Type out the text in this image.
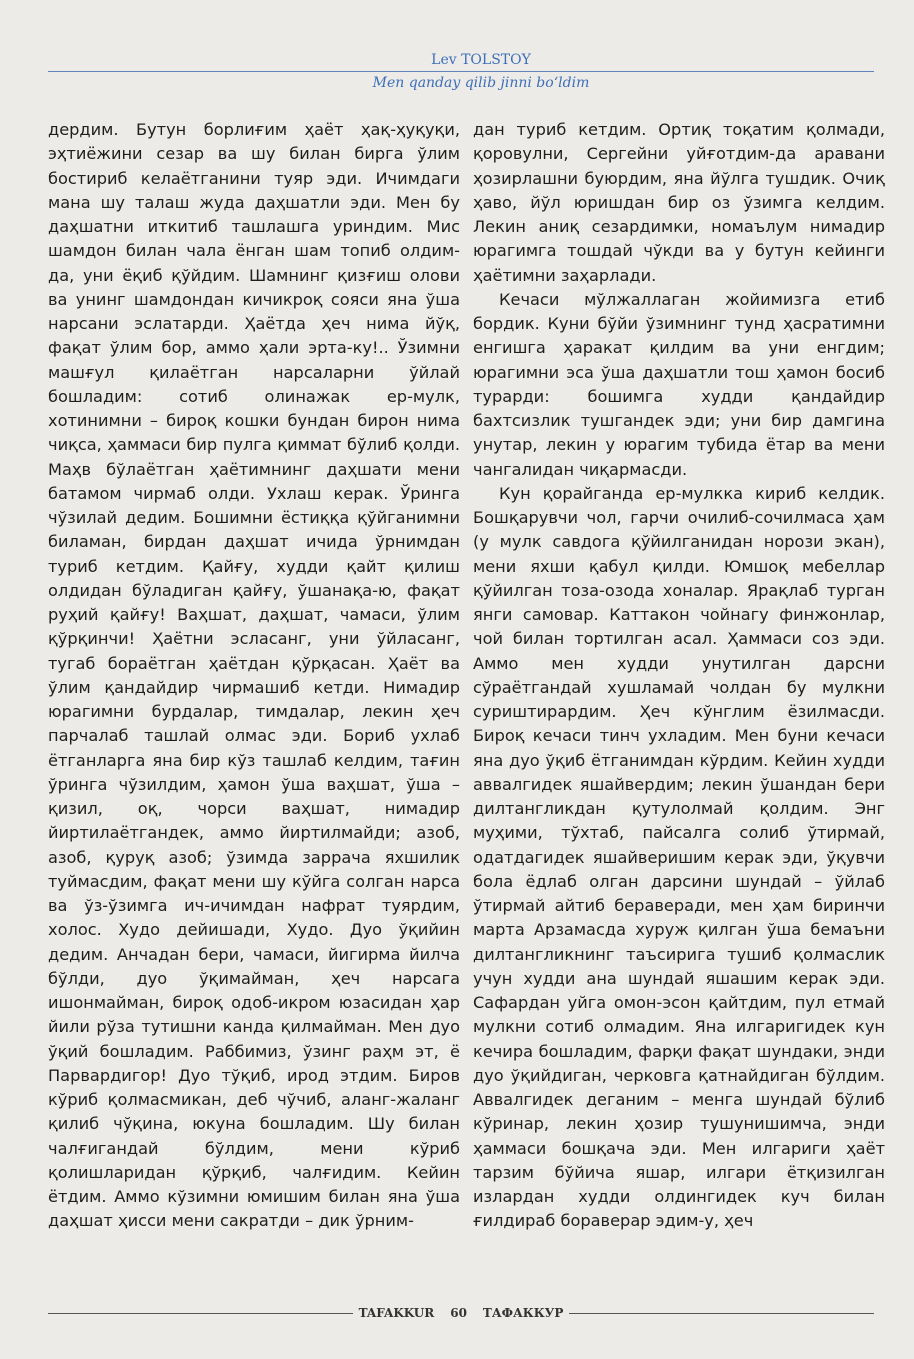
Lev TOLSTOY
Men qanday qilib jinni bo‘ldim

дердим. Бутун борлиғим ҳаёт ҳақ-ҳуқуқи, эҳтиёжини сезар ва шу билан бирга ўлим бостириб келаётганини туяр эди. Ичимдаги мана шу талаш жуда даҳшатли эди. Мен бу даҳшатни иткитиб ташлашга уриндим. Мис шамдон билан чала ёнган шам топиб олдим-да, уни ёқиб қўйдим. Шамнинг қизғиш олови ва унинг шамдондан кичикроқ сояси яна ўша нарсани эслатарди. Ҳаётда ҳеч нима йўқ, фақат ўлим бор, аммо ҳали эрта-ку!.. Ўзимни машғул қилаётган нарсаларни ўйлай бошладим: сотиб олинажак ер-мулк, хотинимни – бироқ кошки бундан бирон нима чиқса, ҳаммаси бир пулга қиммат бўлиб қолди. Маҳв бўлаётган ҳаётимнинг даҳшати мени батамом чирмаб олди. Ухлаш керак. Ўринга чўзилай дедим. Бошимни ёстиққа қўйганимни биламан, бирдан даҳшат ичида ўрнимдан туриб кетдим. Қайғу, худди қайт қилиш олдидан бўладиган қайғу, ўшанақа-ю, фақат руҳий қайғу! Ваҳшат, даҳшат, чамаси, ўлим қўрқинчи! Ҳаётни эсласанг, уни ўйласанг, тугаб бораётган ҳаётдан қўрқасан. Ҳаёт ва ўлим қандайдир чирмашиб кетди. Нимадир юрагимни бурдалар, тимдалар, лекин ҳеч парчалаб ташлай олмас эди. Бориб ухлаб ётганларга яна бир кўз ташлаб келдим, тағин ўринга чўзилдим, ҳамон ўша ваҳшат, ўша – қизил, оқ, чорси ваҳшат, нимадир йиртилаётгандек, аммо йиртилмайди; азоб, азоб, қуруқ азоб; ўзимда заррача яхшилик туймасдим, фақат мени шу кўйга солган нарса ва ўз-ўзимга ич-ичимдан нафрат туярдим, холос. Худо дейишади, Худо. Дуо ўқийин дедим. Анчадан бери, чамаси, йигирма йилча бўлди, дуо ўқимайман, ҳеч нарсага ишонмайман, бироқ одоб-икром юзасидан ҳар йили рўза тутишни канда қилмайман. Мен дуо ўқий бошладим. Раббимиз, ўзинг раҳм эт, ё Парвардигор! Дуо тўқиб, ирод этдим. Биров кўриб қолмасмикан, деб чўчиб, аланг-жаланг қилиб чўқина, юкуна бошладим. Шу билан чалғигандай бўлдим, мени кўриб қолишларидан қўрқиб, чалғидим. Кейин ётдим. Аммо кўзимни юмишим билан яна ўша даҳшат ҳисси мени сакратди – дик ўрним-

дан туриб кетдим. Ортиқ тоқатим қолмади, қоровулни, Сергейни уйғотдим-да аравани ҳозирлашни буюрдим, яна йўлга тушдик. Очиқ ҳаво, йўл юришдан бир оз ўзимга келдим. Лекин аниқ сезардимки, номаълум нимадир юрагимга тошдай чўкди ва у бутун кейинги ҳаётимни заҳарлади.

Кечаси мўлжаллаган жойимизга етиб бордик. Куни бўйи ўзимнинг тунд ҳасратимни енгишга ҳаракат қилдим ва уни енгдим; юрагимни эса ўша даҳшатли тош ҳамон босиб турарди: бошимга худди қандайдир бахтсизлик тушгандек эди; уни бир дамгина унутар, лекин у юрагим тубида ётар ва мени чангалидан чиқармасди.

Кун қорайганда ер-мулкка кириб келдик. Бошқарувчи чол, гарчи очилиб-сочилмаса ҳам (у мулк савдога қўйилганидан норози экан), мени яхши қабул қилди. Юмшоқ мебеллар қўйилган тоза-озода хоналар. Ярақлаб турган янги самовар. Каттакон чойнагу финжонлар, чой билан тортилган асал. Ҳаммаси соз эди. Аммо мен худди унутилган дарсни сўраётгандай хушламай чолдан бу мулкни суриштирардим. Ҳеч кўнглим ёзилмасди. Бироқ кечаси тинч ухладим. Мен буни кечаси яна дуо ўқиб ётганимдан кўрдим. Кейин худди аввалгидек яшайвердим; лекин ўшандан бери дилтангликдан қутулолмай қолдим. Энг муҳими, тўхтаб, пайсалга солиб ўтирмай, одатдагидек яшайверишим керак эди, ўқувчи бола ёдлаб олган дарсини шундай – ўйлаб ўтирмай айтиб бераверади, мен ҳам биринчи марта Арзамасда хуруж қилган ўша бемаъни дилтангликнинг таъсирига тушиб қолмаслик учун худди ана шундай яшашим керак эди. Сафардан уйга омон-эсон қайтдим, пул етмай мулкни сотиб олмадим. Яна илгаригидек кун кечира бошладим, фарқи фақат шундаки, энди дуо ўқийдиган, черковга қатнайдиган бўлдим. Аввалгидек деганим – менга шундай бўлиб кўринар, лекин ҳозир тушунишимча, энди ҳаммаси бошқача эди. Мен илгариги ҳаёт тарзим бўйича яшар, илгари ётқизилган излардан худди олдингидек куч билан ғилдираб бораверар эдим-у, ҳеч

TAFAKKUR	60	ТАФАККУР
